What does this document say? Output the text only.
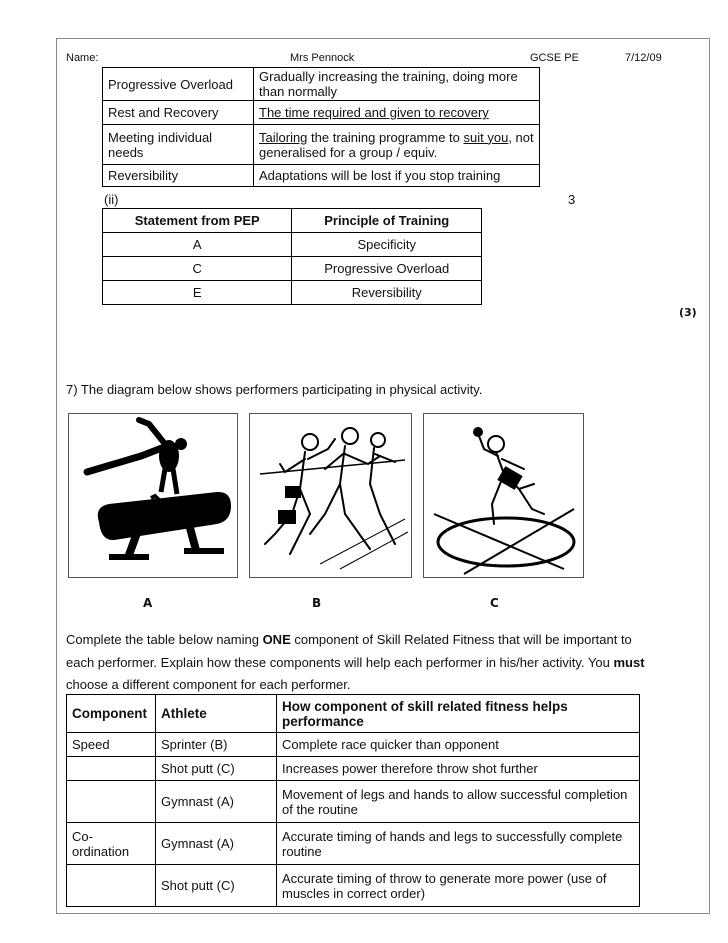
Name:	Mrs Pennock	GCSE PE	7/12/09
Progressive Overload	Gradually increasing the training, doing more than normally
Rest and Recovery	The time required and given to recovery
Meeting individual needs	Tailoring the training programme to suit you, not generalised for a group / equiv.
Reversibility	Adaptations will be lost if you stop training
(ii)	3
Statement from PEP	Principle of Training
A	Specificity
C	Progressive Overload
E	Reversibility
(3)
7) The diagram below shows performers participating in physical activity.
A	B	C
Complete the table below naming ONE component of Skill Related Fitness that will be important to
each performer. Explain how these components will help each performer in his/her activity. You must
choose a different component for each performer.
Component	Athlete	How component of skill related fitness helps performance
Speed	Sprinter (B)	Complete race quicker than opponent
	Shot putt (C)	Increases power therefore throw shot further
	Gymnast (A)	Movement of legs and hands to allow successful completion of the routine
Co-ordination	Gymnast (A)	Accurate timing of hands and legs to successfully complete routine
	Shot putt (C)	Accurate timing of throw to generate more power (use of muscles in correct order)
